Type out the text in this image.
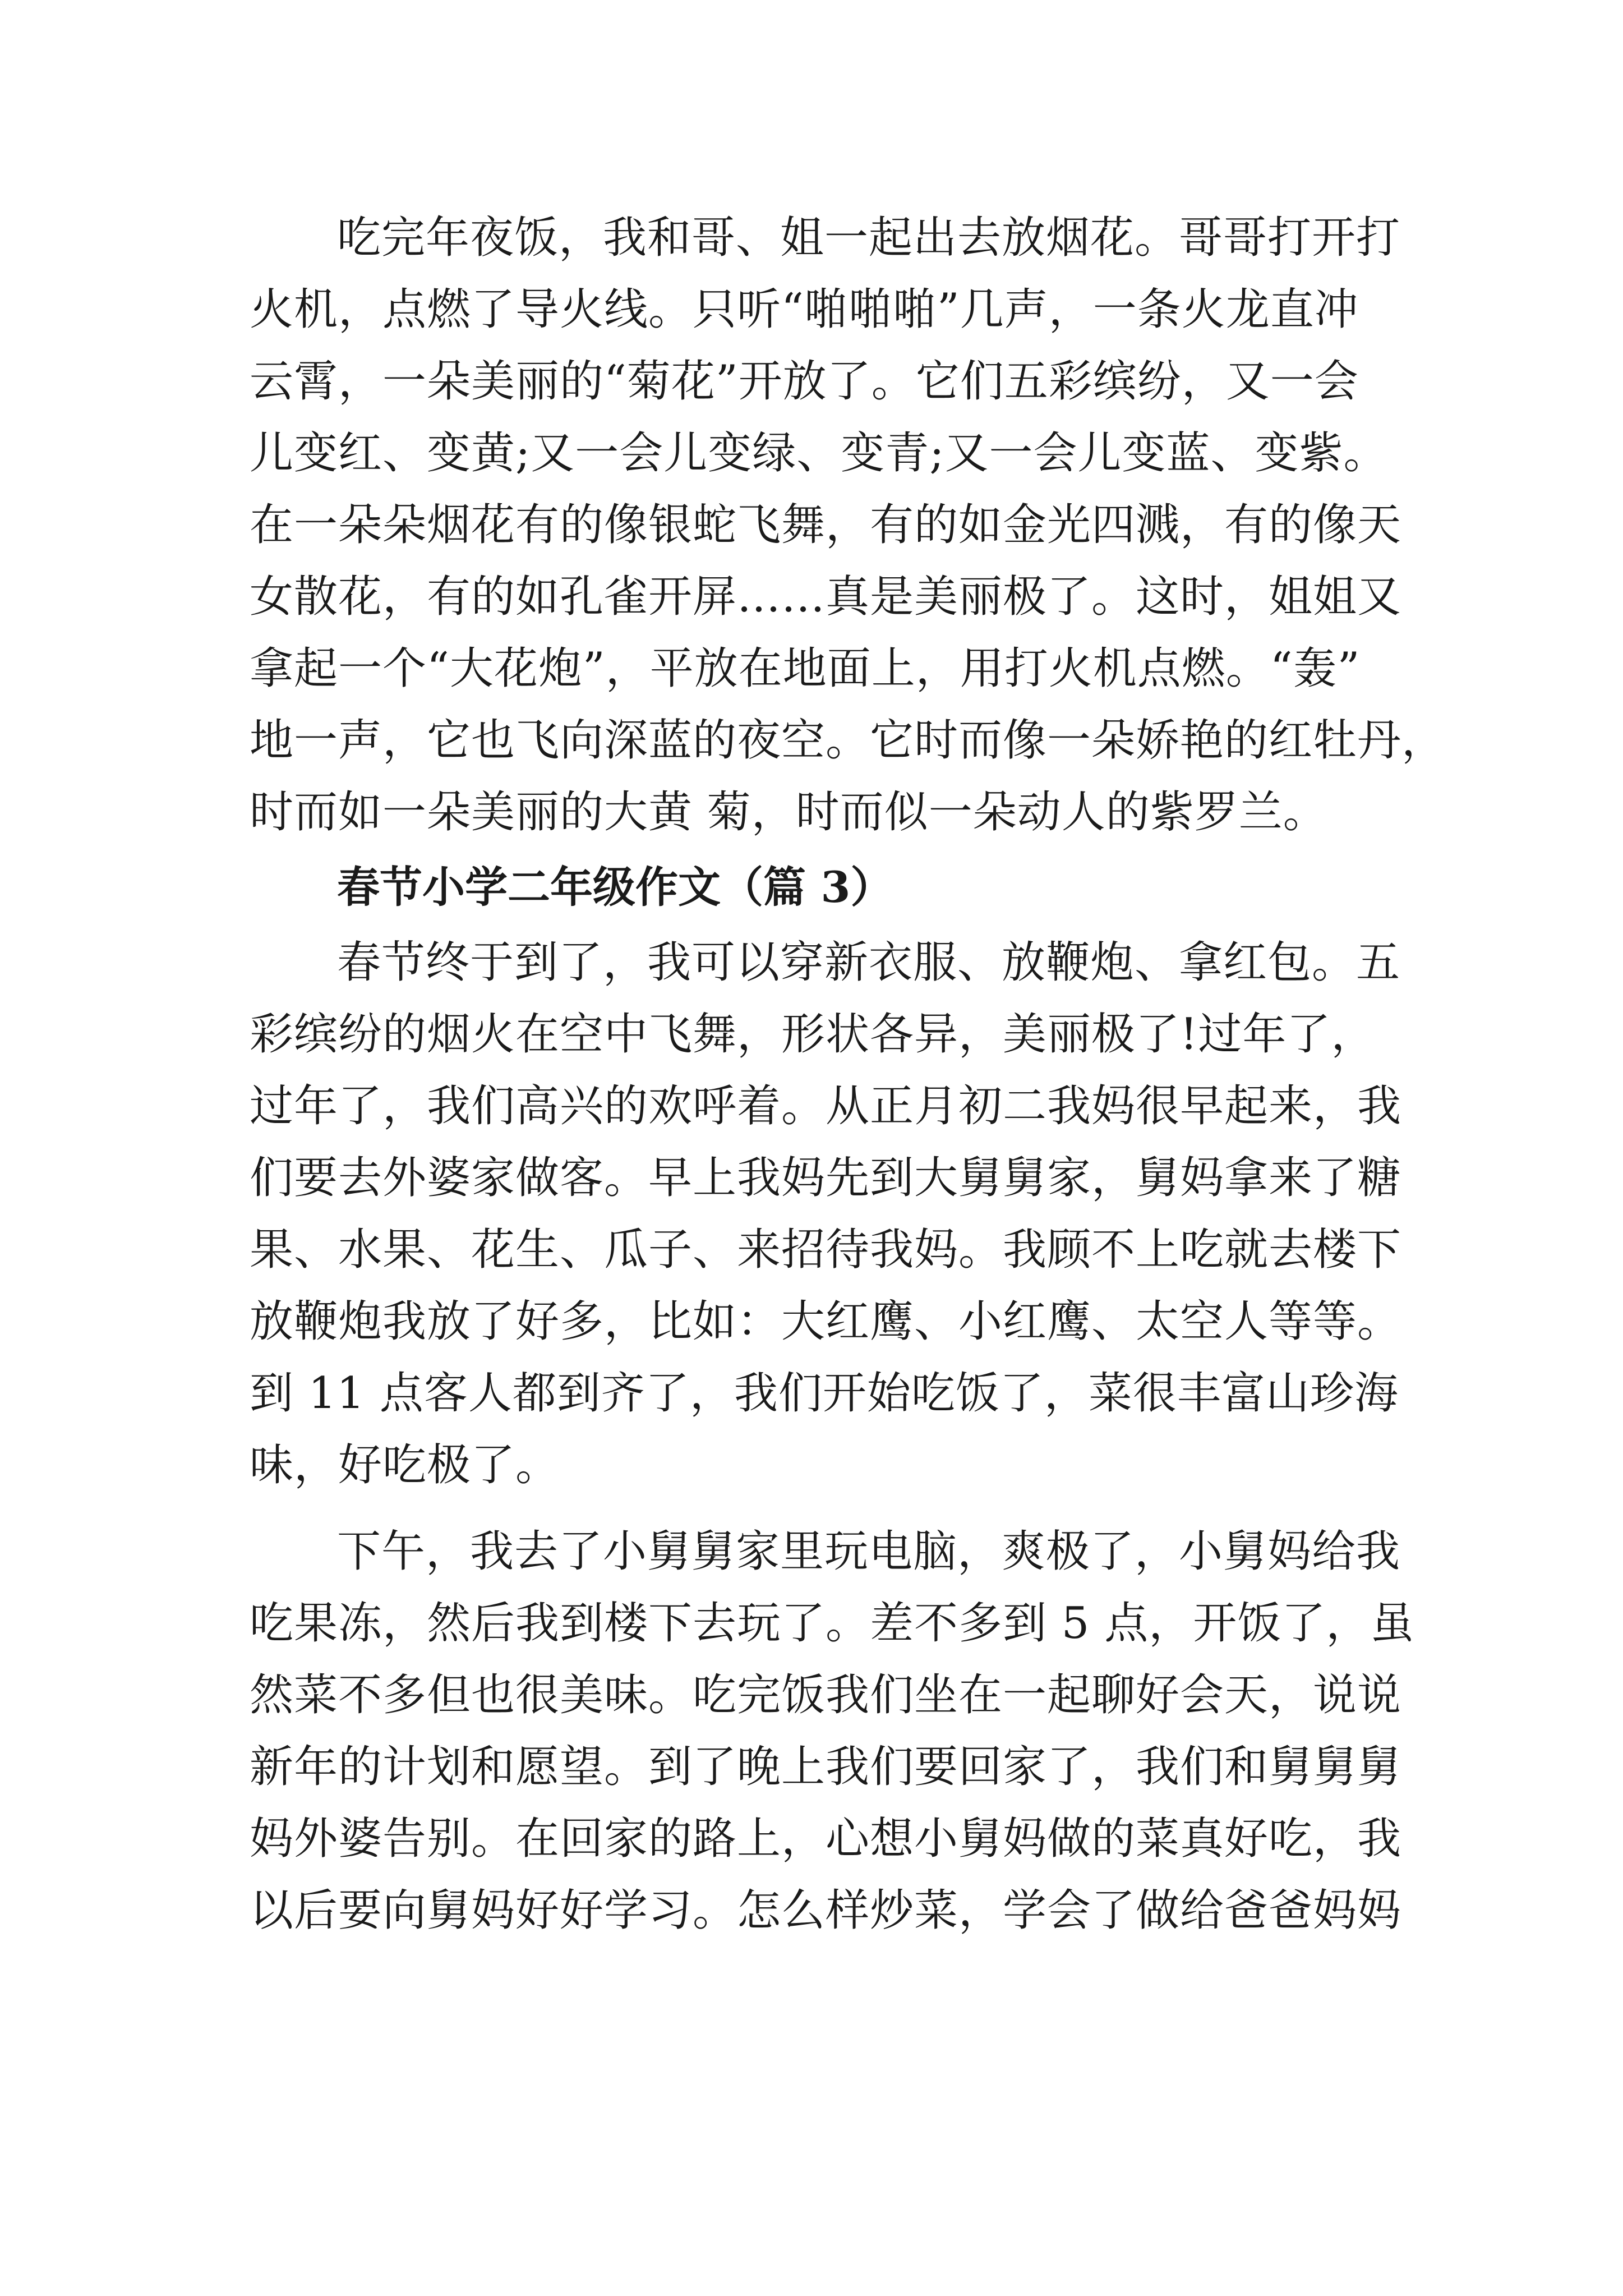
吃完年夜饭，我和哥、姐一起出去放烟花。哥哥打开打
火机，点燃了导火线。只听“啪啪啪”几声，一条火龙直冲
云霄，一朵美丽的“菊花”开放了。它们五彩缤纷，又一会
儿变红、变黄;又一会儿变绿、变青;又一会儿变蓝、变紫。
在一朵朵烟花有的像银蛇飞舞，有的如金光四溅，有的像天
女散花，有的如孔雀开屏……真是美丽极了。这时，姐姐又
拿起一个“大花炮”，平放在地面上，用打火机点燃。“轰”
地一声，它也飞向深蓝的夜空。它时而像一朵娇艳的红牡丹，
时而如一朵美丽的大黄 菊，时而似一朵动人的紫罗兰。

春节小学二年级作文（篇 3）

春节终于到了，我可以穿新衣服、放鞭炮、拿红包。五
彩缤纷的烟火在空中飞舞，形状各异，美丽极了!过年了，
过年了，我们高兴的欢呼着。从正月初二我妈很早起来，我
们要去外婆家做客。早上我妈先到大舅舅家，舅妈拿来了糖
果、水果、花生、瓜子、来招待我妈。我顾不上吃就去楼下
放鞭炮我放了好多，比如：大红鹰、小红鹰、太空人等等。
到 11 点客人都到齐了，我们开始吃饭了，菜很丰富山珍海
味，好吃极了。

下午，我去了小舅舅家里玩电脑，爽极了，小舅妈给我
吃果冻，然后我到楼下去玩了。差不多到 5 点，开饭了，虽
然菜不多但也很美味。吃完饭我们坐在一起聊好会天，说说
新年的计划和愿望。到了晚上我们要回家了，我们和舅舅舅
妈外婆告别。在回家的路上，心想小舅妈做的菜真好吃，我
以后要向舅妈好好学习。怎么样炒菜，学会了做给爸爸妈妈
